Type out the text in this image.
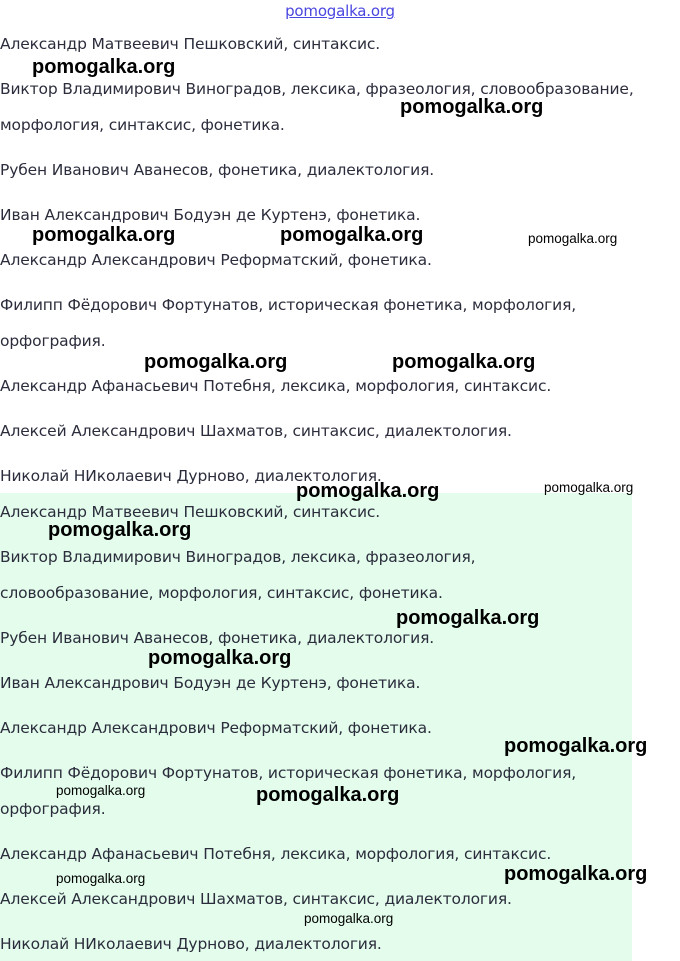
pomogalka.org
Александр Матвеевич Пешковский, синтаксис.
Виктор Владимирович Виноградов, лексика, фразеология, словообразование,
морфология, синтаксис, фонетика.
Рубен Иванович Аванесов, фонетика, диалектология.
Иван Александрович Бодуэн де Куртенэ, фонетика.
Александр Александрович Реформатский, фонетика.
Филипп Фёдорович Фортунатов, историческая фонетика, морфология,
орфография.
Александр Афанасьевич Потебня, лексика, морфология, синтаксис.
Алексей Александрович Шахматов, синтаксис, диалектология.
Николай НИколаевич Дурново, диалектология.
Александр Матвеевич Пешковский, синтаксис.
Виктор Владимирович Виноградов, лексика, фразеология,
словообразование, морфология, синтаксис, фонетика.
Рубен Иванович Аванесов, фонетика, диалектология.
Иван Александрович Бодуэн де Куртенэ, фонетика.
Александр Александрович Реформатский, фонетика.
Филипп Фёдорович Фортунатов, историческая фонетика, морфология,
орфография.
Александр Афанасьевич Потебня, лексика, морфология, синтаксис.
Алексей Александрович Шахматов, синтаксис, диалектология.
Николай НИколаевич Дурново, диалектология.
pomogalka.org
pomogalka.org
pomogalka.org	pomogalka.org	pomogalka.org
pomogalka.org	pomogalka.org
pomogalka.org	pomogalka.org
pomogalka.org
pomogalka.org
pomogalka.org
pomogalka.org
pomogalka.org	pomogalka.org
pomogalka.org	pomogalka.org
pomogalka.org
